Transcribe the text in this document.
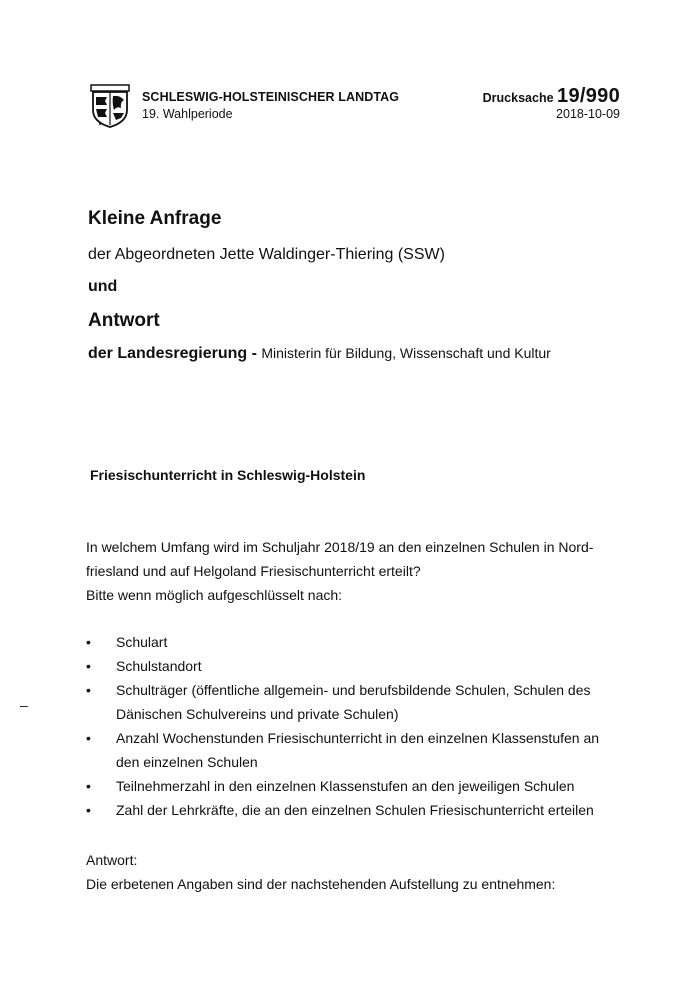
SCHLESWIG-HOLSTEINISCHER LANDTAG
19. Wahlperiode
Drucksache 19/990
2018-10-09
Kleine Anfrage
der Abgeordneten Jette Waldinger-Thiering (SSW)
und
Antwort
der Landesregierung - Ministerin für Bildung, Wissenschaft und Kultur
Friesischunterricht in Schleswig-Holstein
In welchem Umfang wird im Schuljahr 2018/19 an den einzelnen Schulen in Nord-
friesland und auf Helgoland Friesischunterricht erteilt?
Bitte wenn möglich aufgeschlüsselt nach:
• Schulart
• Schulstandort
• Schulträger (öffentliche allgemein- und berufsbildende Schulen, Schulen des Dänischen Schulvereins und private Schulen)
• Anzahl Wochenstunden Friesischunterricht in den einzelnen Klassenstufen an den einzelnen Schulen
• Teilnehmerzahl in den einzelnen Klassenstufen an den jeweiligen Schulen
• Zahl der Lehrkräfte, die an den einzelnen Schulen Friesischunterricht erteilen
–
Antwort:
Die erbetenen Angaben sind der nachstehenden Aufstellung zu entnehmen:
